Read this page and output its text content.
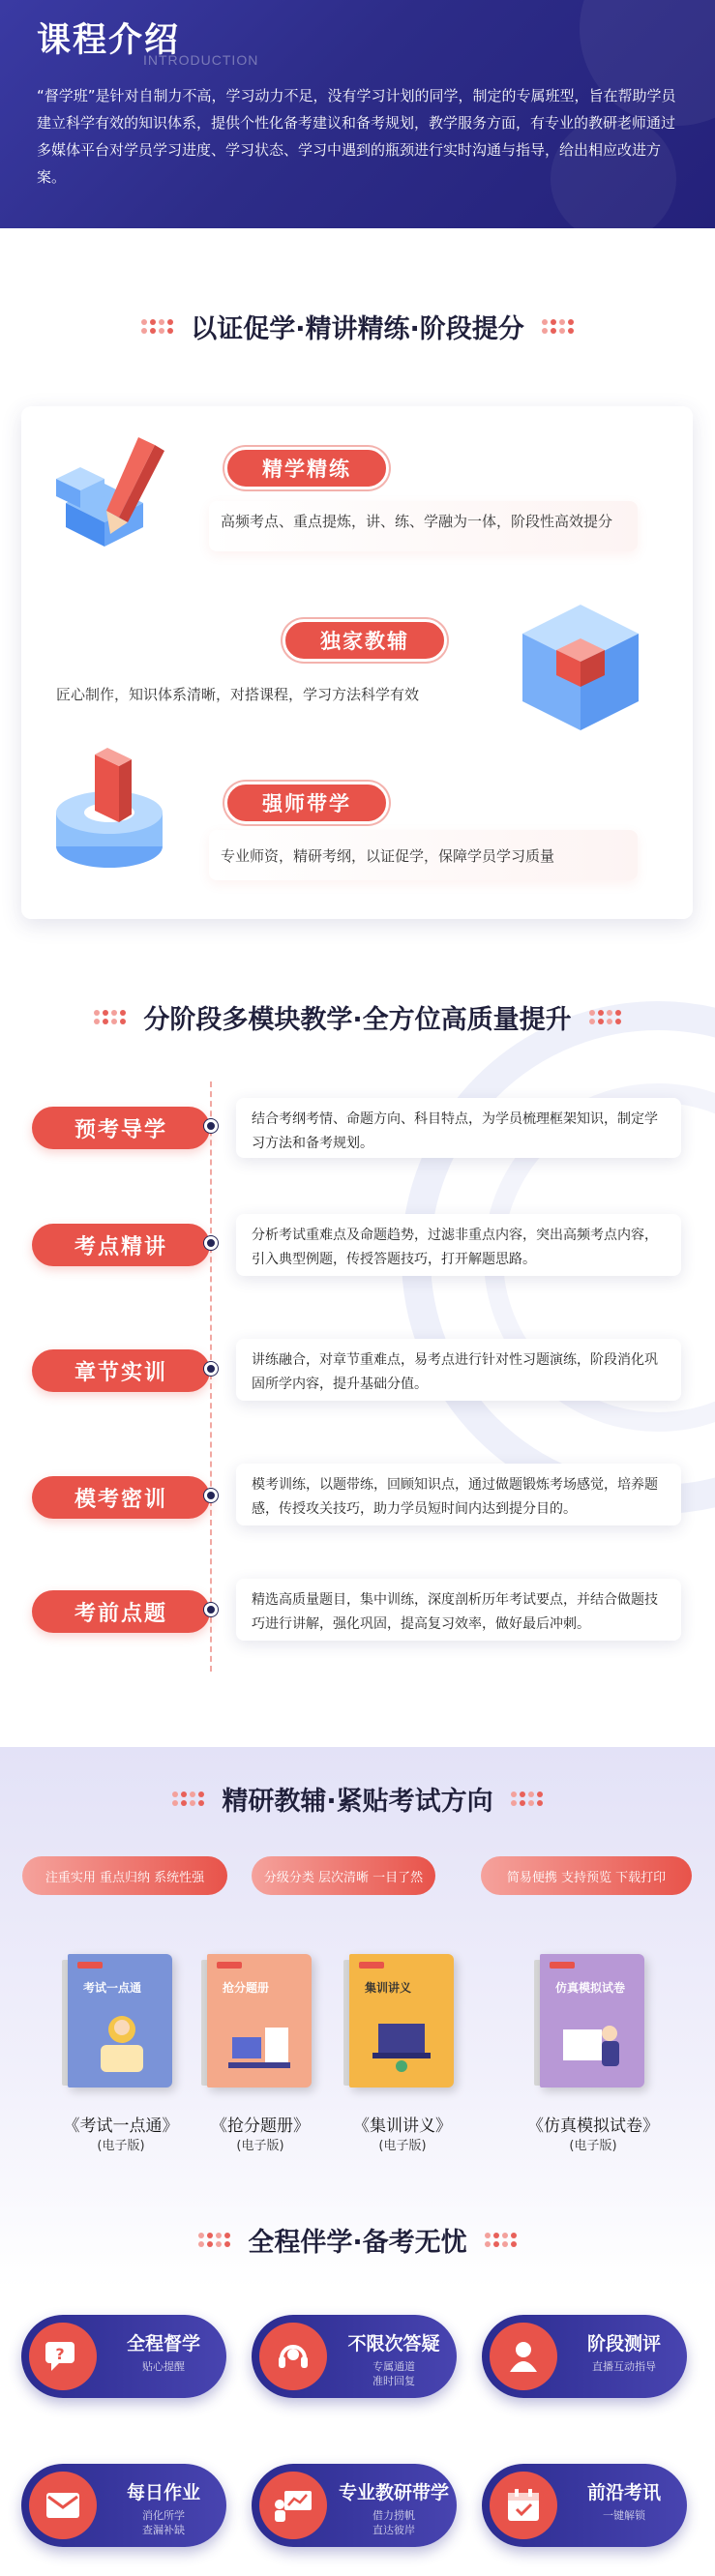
课程介绍
INTRODUCTION

“督学班”是针对自制力不高，学习动力不足，没有学习计划的同学，制定的专属班型，旨在帮助学员建立科学有效的知识体系，提供个性化备考建议和备考规划，教学服务方面，有专业的教研老师通过多媒体平台对学员学习进度、学习状态、学习中遇到的瓶颈进行实时沟通与指导，给出相应改进方案。

以证促学·精讲精练·阶段提分
精学精练
高频考点、重点提炼，讲、练、学融为一体，阶段性高效提分
独家教辅
匠心制作，知识体系清晰，对搭课程，学习方法科学有效
强师带学
专业师资，精研考纲，以证促学，保障学员学习质量
分阶段多模块教学·全方位高质量提升
预考导学	结合考纲考情、命题方向、科目特点，为学员梳理框架知识，制定学习方法和备考规划。
考点精讲	分析考试重难点及命题趋势，过滤非重点内容，突出高频考点内容，引入典型例题，传授答题技巧，打开解题思路。
章节实训
讲练融合，对章节重难点，易考点进行针对性习题演练，阶段消化巩固所学内容，提升基础分值。
模考密训
模考训练，以题带练，回顾知识点，通过做题锻炼考场感觉，培养题感，传授攻关技巧，助力学员短时间内达到提分目的。
考前点题
精选高质量题目，集中训练，深度剖析历年考试要点，并结合做题技巧进行讲解，强化巩固，提高复习效率，做好最后冲刺。
精研教辅·紧贴考试方向
注重实用 重点归纳 系统性强	分级分类 层次清晰 一目了然	简易便携 支持预览 下载打印
考试一点通
《考试一点通》
(电子版)
抢分题册
《抢分题册》
(电子版)
集训讲义
《集训讲义》
(电子版)
仿真模拟试卷
《仿真模拟试卷》
(电子版)
全程伴学·备考无忧
?	全程督学
贴心提醒
不限次答疑
专属通道
准时回复
阶段测评
直播互动指导
每日作业
消化所学
查漏补缺
专业教研带学
借力捞帆
直达彼岸
前沿考讯
一键解锁
